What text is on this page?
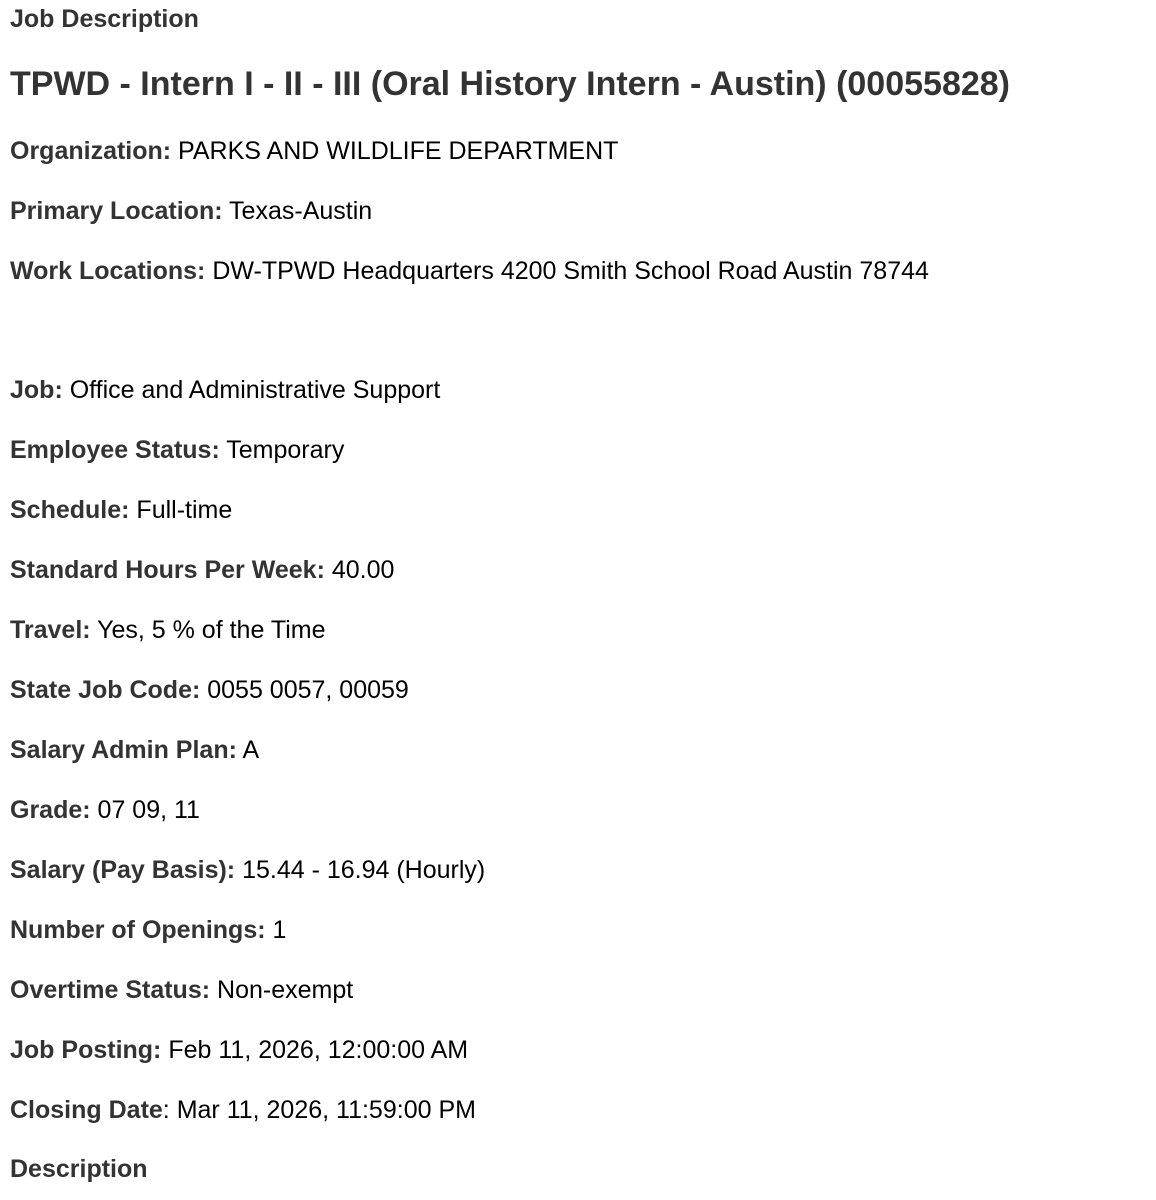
Job Description
TPWD - Intern I - II - III (Oral History Intern - Austin) (00055828)
Organization: PARKS AND WILDLIFE DEPARTMENT
Primary Location: Texas-Austin
Work Locations: DW-TPWD Headquarters 4200 Smith School Road Austin 78744
Job: Office and Administrative Support
Employee Status: Temporary
Schedule: Full-time
Standard Hours Per Week: 40.00
Travel: Yes, 5 % of the Time
State Job Code: 0055 0057, 00059
Salary Admin Plan: A
Grade: 07 09, 11
Salary (Pay Basis): 15.44 - 16.94 (Hourly)
Number of Openings: 1
Overtime Status: Non-exempt
Job Posting: Feb 11, 2026, 12:00:00 AM
Closing Date: Mar 11, 2026, 11:59:00 PM
Description
